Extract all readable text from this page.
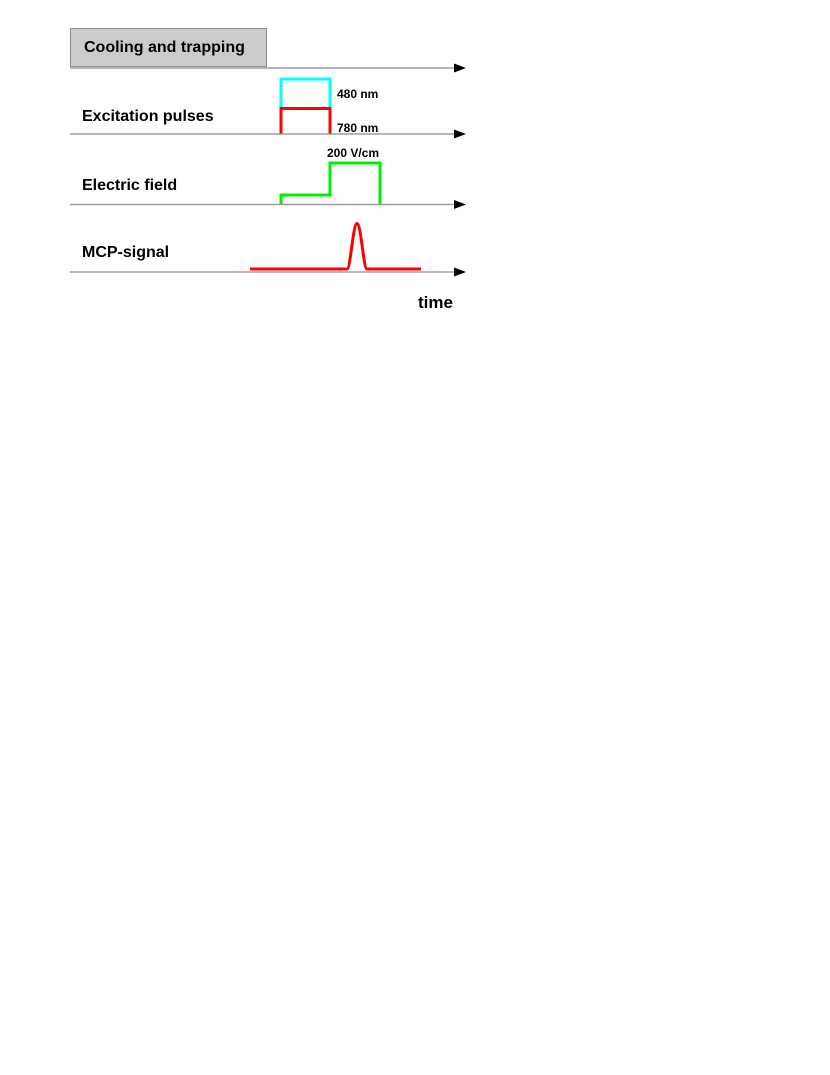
Cooling and trapping
Excitation pulses
Electric field
MCP-signal
480 nm
780 nm
200 V/cm
time
